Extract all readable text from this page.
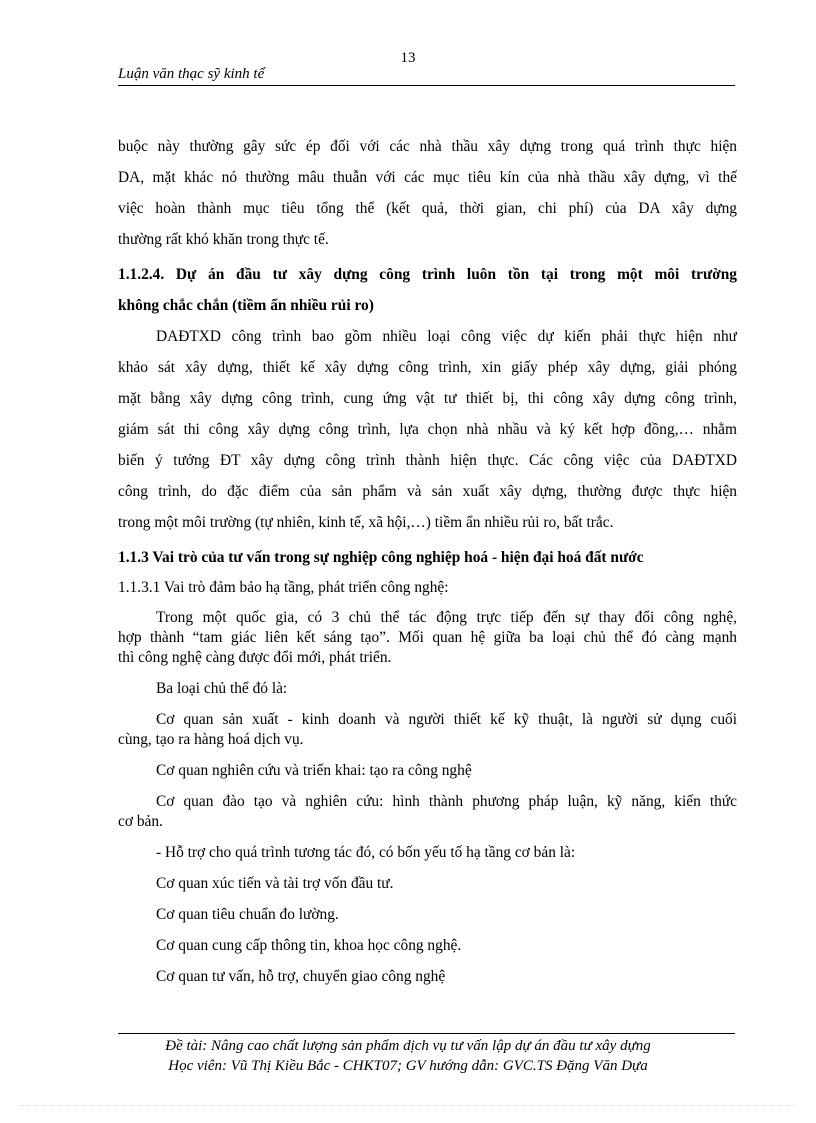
13
Luận văn thạc sỹ kinh tế
buộc này thường gây sức ép đối với các nhà thầu xây dựng trong quá trình thực hiện
DA, mặt khác nó thường mâu thuẫn với các mục tiêu kín của nhà thầu xây dựng, vì thế
việc hoàn thành mục tiêu tổng thể (kết quả, thời gian, chi phí) của DA xây dựng
thường rất khó khăn trong thực tế.
1.1.2.4. Dự án đầu tư xây dựng công trình luôn tồn tại trong một môi trường
không chắc chắn (tiềm ẩn nhiều rủi ro)
DAĐTXD công trình bao gồm nhiều loại công việc dự kiến phải thực hiện như
khảo sát xây dựng, thiết kế xây dựng công trình, xin giấy phép xây dựng, giải phóng
mặt bằng xây dựng công trình, cung ứng vật tư thiết bị, thi công xây dựng công trình,
giám sát thi công xây dựng công trình, lựa chọn nhà nhầu và ký kết hợp đồng,… nhằm
biến ý tưởng ĐT xây dựng công trình thành hiện thực. Các công việc của DAĐTXD
công trình, do đặc điểm của sản phẩm và sản xuất xây dựng, thường được thực hiện
trong một môi trường (tự nhiên, kinh tế, xã hội,…) tiềm ẩn nhiều rủi ro, bất trắc.
1.1.3 Vai trò của tư vấn trong sự nghiệp công nghiệp hoá - hiện đại hoá đất nước
1.1.3.1 Vai trò đảm bảo hạ tầng, phát triển công nghệ:
Trong một quốc gia, có 3 chủ thể tác động trực tiếp đến sự thay đổi công nghệ,
hợp thành “tam giác liên kết sáng tạo”. Mối quan hệ giữa ba loại chủ thể đó càng mạnh
thì công nghệ càng được đổi mới, phát triển.
Ba loại chủ thể đó là:
Cơ quan sản xuất - kinh doanh và người thiết kế kỹ thuật, là người sử dụng cuối
cùng, tạo ra hàng hoá dịch vụ.
Cơ quan nghiên cứu và triển khai: tạo ra công nghệ
Cơ quan đào tạo và nghiên cứu: hình thành phương pháp luận, kỹ năng, kiến thức
cơ bản.
- Hỗ trợ cho quá trình tương tác đó, có bốn yếu tố hạ tầng cơ bản là:
Cơ quan xúc tiến và tài trợ vốn đầu tư.
Cơ quan tiêu chuẩn đo lường.
Cơ quan cung cấp thông tin, khoa học công nghệ.
Cơ quan tư vấn, hỗ trợ, chuyển giao công nghệ
Đề tài: Nâng cao chất lượng sản phẩm dịch vụ tư vấn lập dự án đầu tư xây dựng
Học viên: Vũ Thị Kiều Bắc - CHKT07; GV hướng dẫn: GVC.TS Đặng Văn Dựa
